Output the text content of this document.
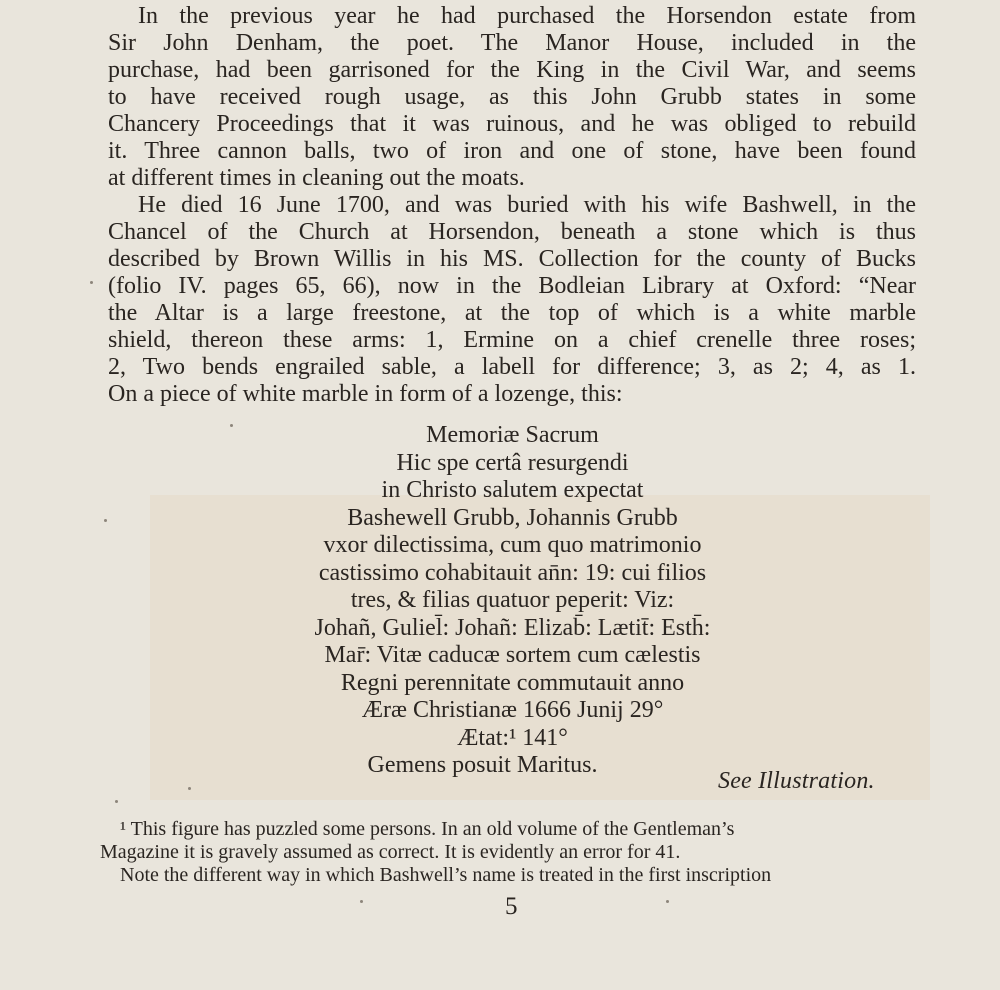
In the previous year he had purchased the Horsendon estate from
Sir John Denham, the poet. The Manor House, included in the
purchase, had been garrisoned for the King in the Civil War, and seems
to have received rough usage, as this John Grubb states in some
Chancery Proceedings that it was ruinous, and he was obliged to rebuild
it. Three cannon balls, two of iron and one of stone, have been found
at different times in cleaning out the moats.

He died 16 June 1700, and was buried with his wife Bashwell, in the
Chancel of the Church at Horsendon, beneath a stone which is thus
described by Brown Willis in his MS. Collection for the county of Bucks
(folio IV. pages 65, 66), now in the Bodleian Library at Oxford: “Near
the Altar is a large freestone, at the top of which is a white marble
shield, thereon these arms: 1, Ermine on a chief crenelle three roses;
2, Two bends engrailed sable, a labell for difference; 3, as 2; 4, as 1.
On a piece of white marble in form of a lozenge, this:

Memoriæ Sacrum
Hic spe certâ resurgendi
in Christo salutem expectat
Bashewell Grubb, Johannis Grubb
vxor dilectissima, cum quo matrimonio
castissimo cohabitauit an̄n: 19: cui filios
tres, & filias quatuor peperit: Viz:
Johañ, Guliel̄: Johañ: Elizab̄: Lætit̄: Esth̄:
Mar̄: Vitæ caducæ sortem cum cælestis
Regni perennitate commutauit anno
Æræ Christianæ 1666 Junij 29°
Ætat:¹ 141°
Gemens posuit Maritus.
See Illustration.
¹ This figure has puzzled some persons. In an old volume of the Gentleman’s
Magazine it is gravely assumed as correct. It is evidently an error for 41.
Note the different way in which Bashwell’s name is treated in the first inscription
5
